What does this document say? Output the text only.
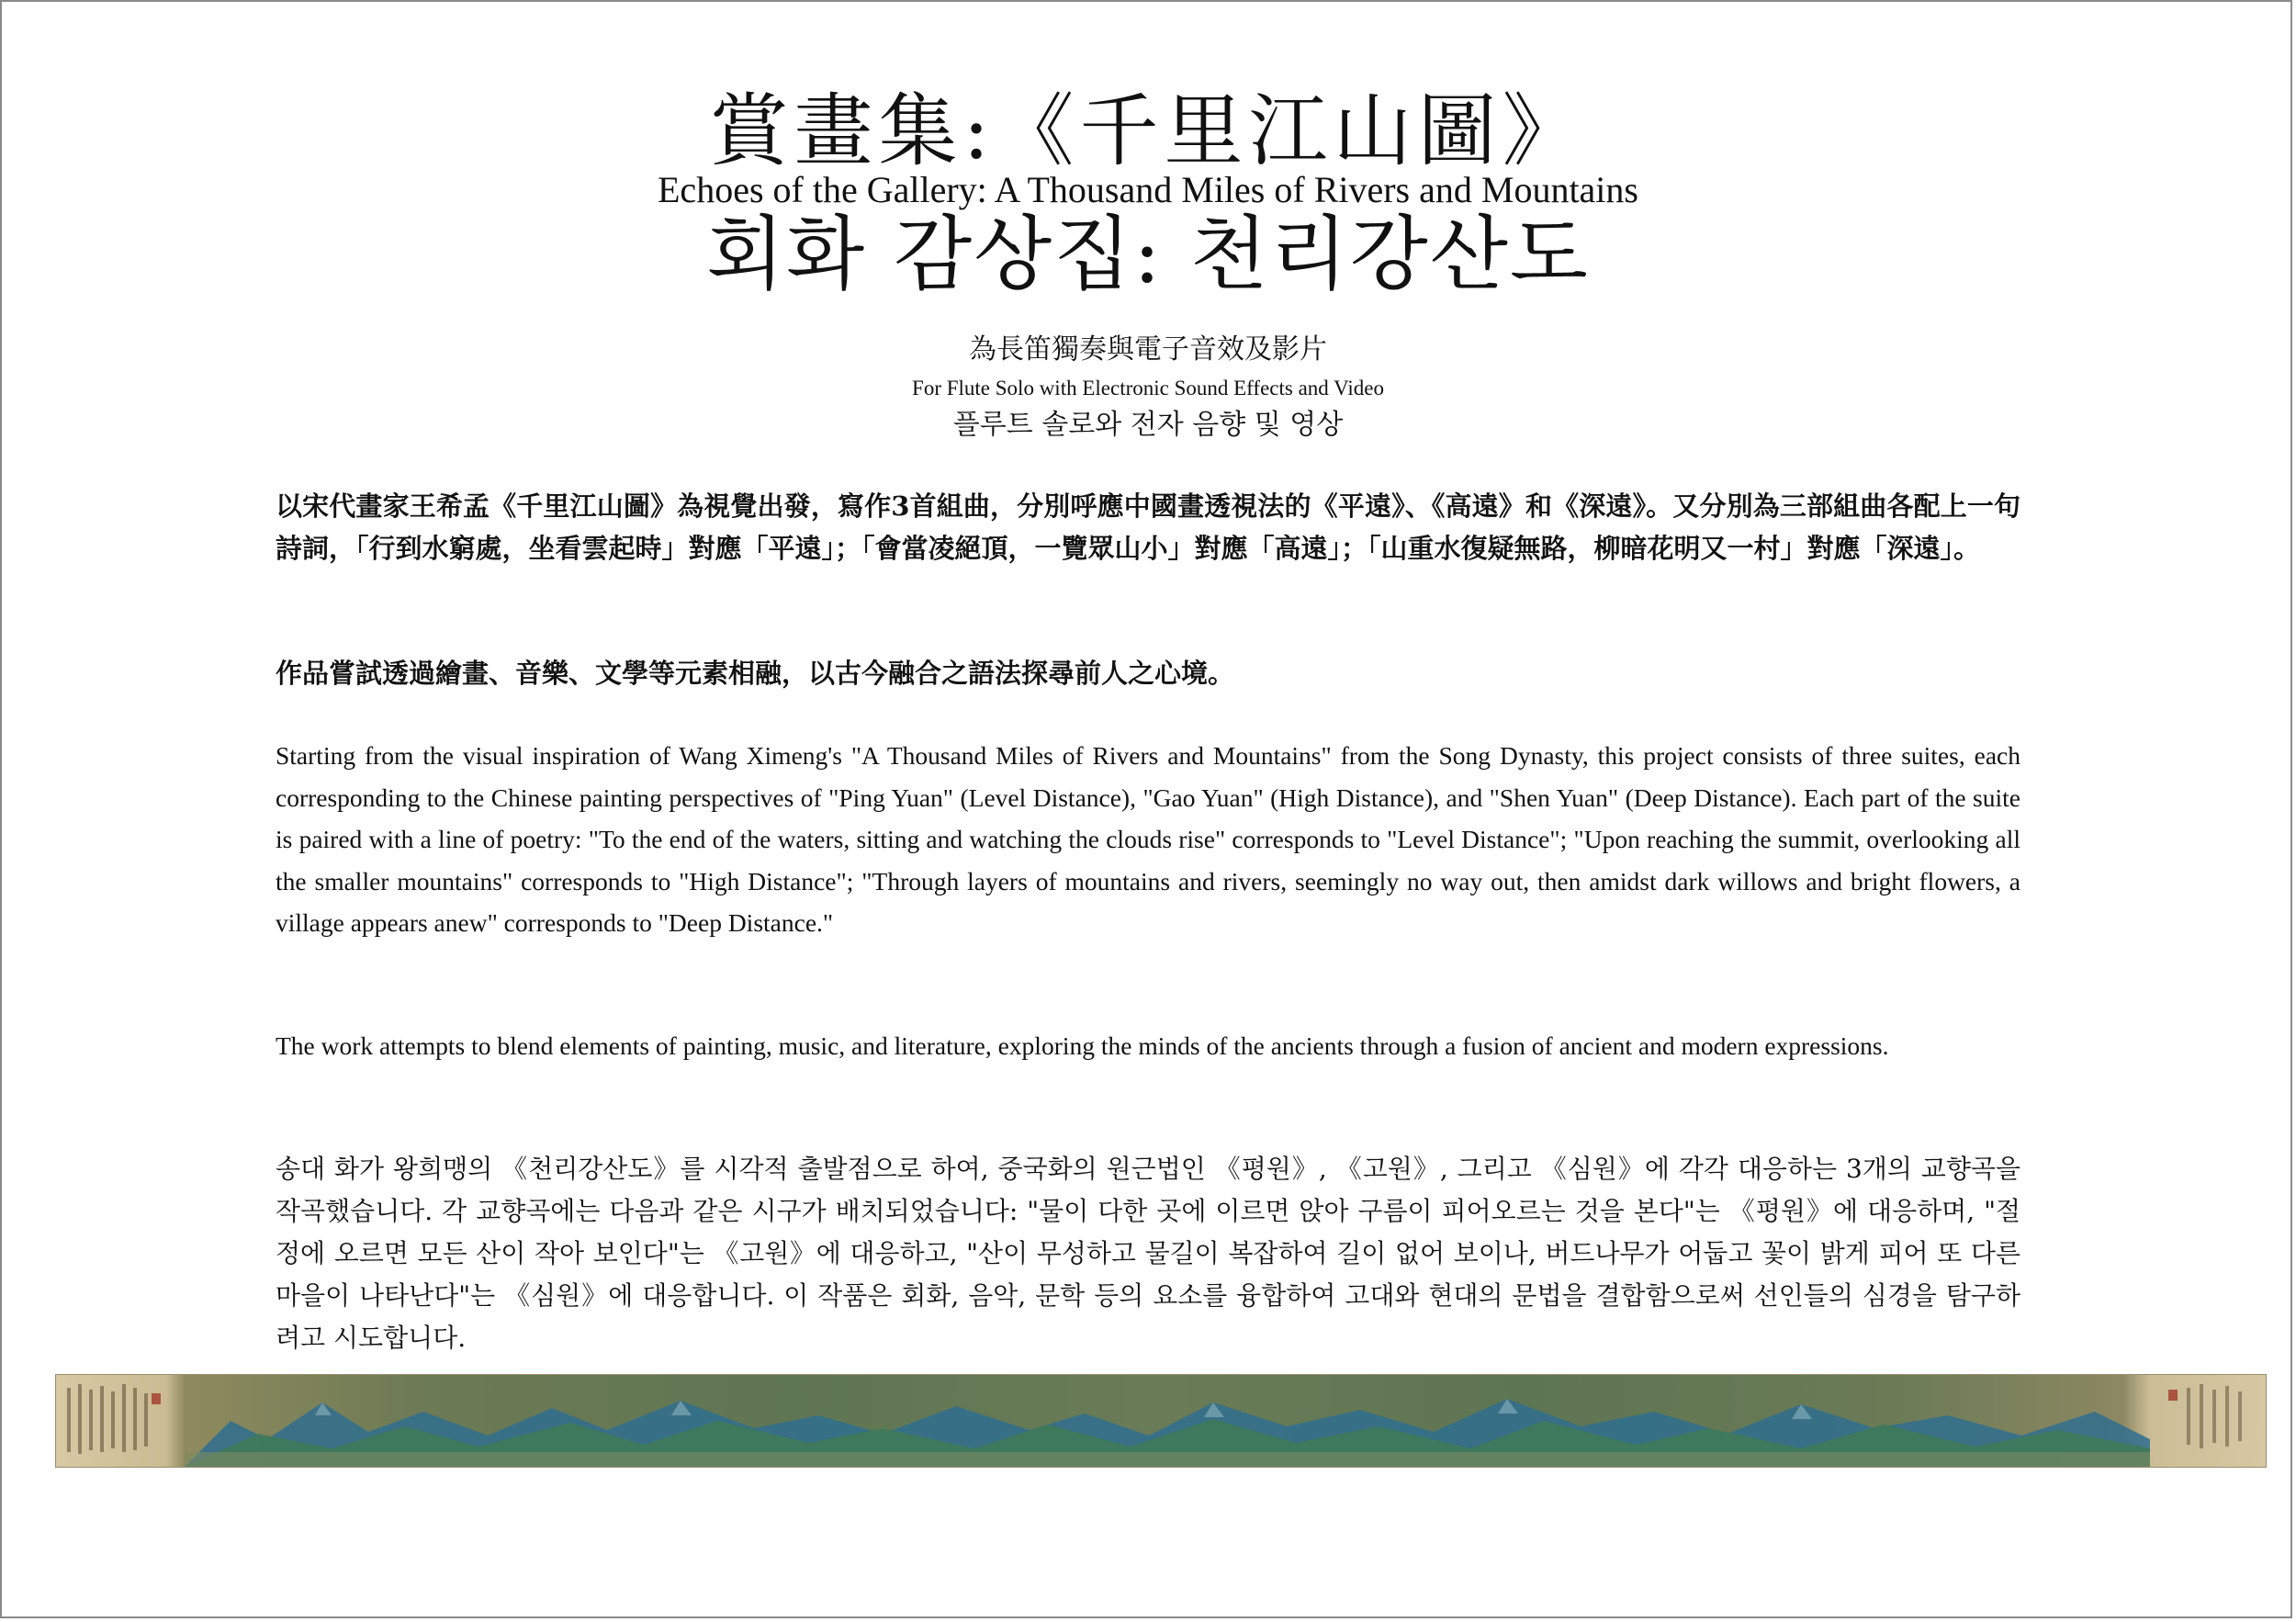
賞畫集:《千里江山圖》
Echoes of the Gallery: A Thousand Miles of Rivers and Mountains
회화 감상집: 천리강산도
為長笛獨奏與電子音效及影片
For Flute Solo with Electronic Sound Effects and Video
플루트 솔로와 전자 음향 및 영상

以宋代畫家王希孟《千里江山圖》為視覺出發，寫作3首組曲，分別呼應中國畫透視法的《平遠》、《高遠》和《深遠》。又分別為三部組曲各配上一句詩詞，「行到水窮處，坐看雲起時」對應「平遠」；「會當凌絕頂，一覽眾山小」對應「高遠」；「山重水復疑無路，柳暗花明又一村」對應「深遠」。

作品嘗試透過繪畫、音樂、文學等元素相融，以古今融合之語法探尋前人之心境。

Starting from the visual inspiration of Wang Ximeng's "A Thousand Miles of Rivers and Mountains" from the Song Dynasty, this project consists of three suites, each corresponding to the Chinese painting perspectives of "Ping Yuan" (Level Distance), "Gao Yuan" (High Distance), and "Shen Yuan" (Deep Distance). Each part of the suite is paired with a line of poetry: "To the end of the waters, sitting and watching the clouds rise" corresponds to "Level Distance"; "Upon reaching the summit, overlooking all the smaller mountains" corresponds to "High Distance"; "Through layers of mountains and rivers, seemingly no way out, then amidst dark willows and bright flowers, a village appears anew" corresponds to "Deep Distance."

The work attempts to blend elements of painting, music, and literature, exploring the minds of the ancients through a fusion of ancient and modern expressions.

송대 화가 왕희맹의 《천리강산도》를 시각적 출발점으로 하여, 중국화의 원근법인 《평원》, 《고원》, 그리고 《심원》에 각각 대응하는 3개의 교향곡을 작곡했습니다. 각 교향곡에는 다음과 같은 시구가 배치되었습니다: "물이 다한 곳에 이르면 앉아 구름이 피어오르는 것을 본다"는 《평원》에 대응하며, "절정에 오르면 모든 산이 작아 보인다"는 《고원》에 대응하고, "산이 무성하고 물길이 복잡하여 길이 없어 보이나, 버드나무가 어둡고 꽃이 밝게 피어 또 다른 마을이 나타난다"는 《심원》에 대응합니다. 이 작품은 회화, 음악, 문학 등의 요소를 융합하여 고대와 현대의 문법을 결합함으로써 선인들의 심경을 탐구하려고 시도합니다.
